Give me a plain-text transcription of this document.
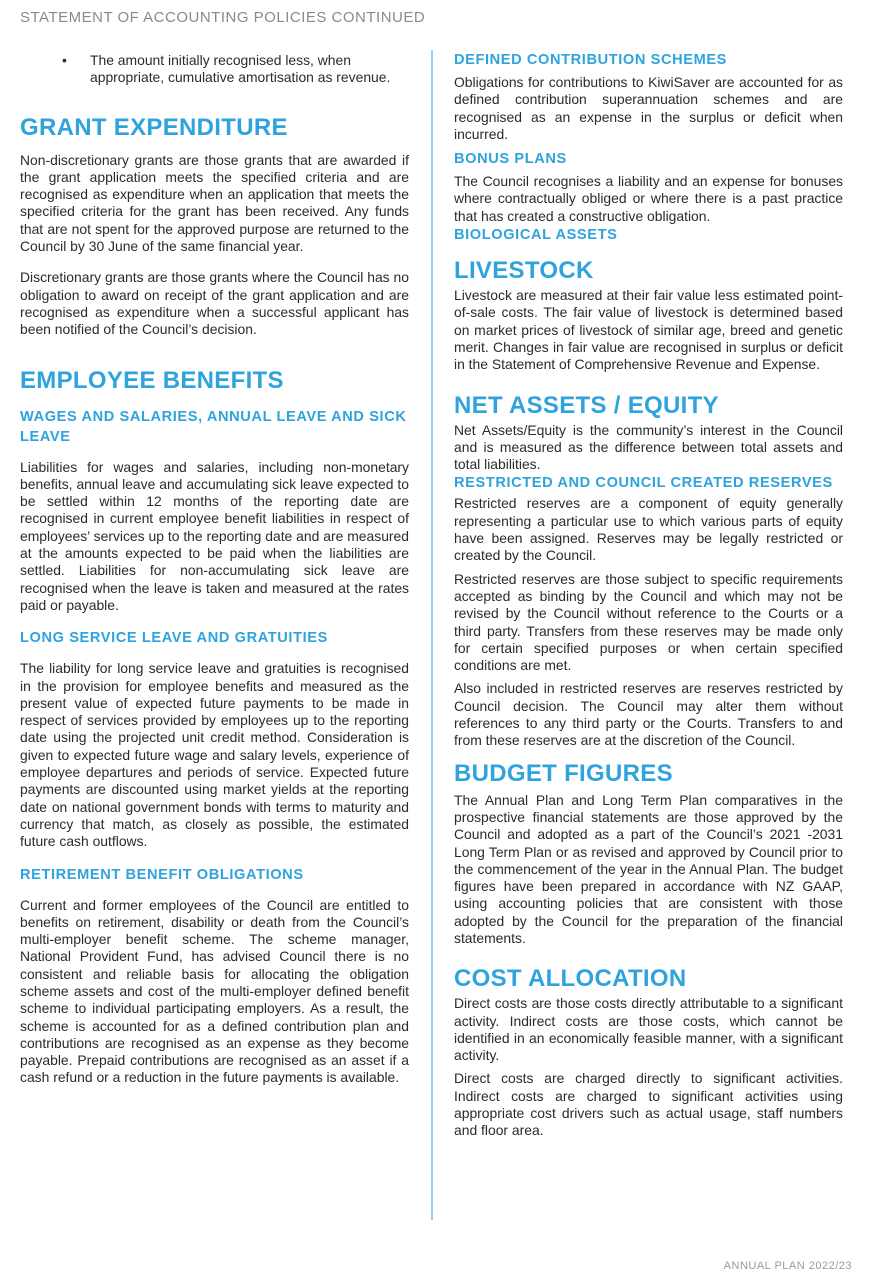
STATEMENT OF ACCOUNTING POLICIES CONTINUED

• The amount initially recognised less, when appropriate, cumulative amortisation as revenue.

GRANT EXPENDITURE

Non-discretionary grants are those grants that are awarded if the grant application meets the specified criteria and are recognised as expenditure when an application that meets the specified criteria for the grant has been received. Any funds that are not spent for the approved purpose are returned to the Council by 30 June of the same financial year.

Discretionary grants are those grants where the Council has no obligation to award on receipt of the grant application and are recognised as expenditure when a successful applicant has been notified of the Council’s decision.

EMPLOYEE BENEFITS
WAGES AND SALARIES, ANNUAL LEAVE AND SICK LEAVE

Liabilities for wages and salaries, including non-monetary benefits, annual leave and accumulating sick leave expected to be settled within 12 months of the reporting date are recognised in current employee benefit liabilities in respect of employees’ services up to the reporting date and are measured at the amounts expected to be paid when the liabilities are settled. Liabilities for non-accumulating sick leave are recognised when the leave is taken and measured at the rates paid or payable.

LONG SERVICE LEAVE AND GRATUITIES

The liability for long service leave and gratuities is recognised in the provision for employee benefits and measured as the present value of expected future payments to be made in respect of services provided by employees up to the reporting date using the projected unit credit method. Consideration is given to expected future wage and salary levels, experience of employee departures and periods of service. Expected future payments are discounted using market yields at the reporting date on national government bonds with terms to maturity and currency that match, as closely as possible, the estimated future cash outflows.

RETIREMENT BENEFIT OBLIGATIONS

Current and former employees of the Council are entitled to benefits on retirement, disability or death from the Council’s multi-employer benefit scheme. The scheme manager, National Provident Fund, has advised Council there is no consistent and reliable basis for allocating the obligation scheme assets and cost of the multi-employer defined benefit scheme to individual participating employers. As a result, the scheme is accounted for as a defined contribution plan and contributions are recognised as an expense as they become payable. Prepaid contributions are recognised as an asset if a cash refund or a reduction in the future payments is available.

DEFINED CONTRIBUTION SCHEMES

Obligations for contributions to KiwiSaver are accounted for as defined contribution superannuation schemes and are recognised as an expense in the surplus or deficit when incurred.

BONUS PLANS

The Council recognises a liability and an expense for bonuses where contractually obliged or where there is a past practice that has created a constructive obligation.

BIOLOGICAL ASSETS
LIVESTOCK

Livestock are measured at their fair value less estimated point-of-sale costs. The fair value of livestock is determined based on market prices of livestock of similar age, breed and genetic merit. Changes in fair value are recognised in surplus or deficit in the Statement of Comprehensive Revenue and Expense.

NET ASSETS / EQUITY

Net Assets/Equity is the community’s interest in the Council and is measured as the difference between total assets and total liabilities.

RESTRICTED AND COUNCIL CREATED RESERVES

Restricted reserves are a component of equity generally representing a particular use to which various parts of equity have been assigned. Reserves may be legally restricted or created by the Council.

Restricted reserves are those subject to specific requirements accepted as binding by the Council and which may not be revised by the Council without reference to the Courts or a third party. Transfers from these reserves may be made only for certain specified purposes or when certain specified conditions are met.

Also included in restricted reserves are reserves restricted by Council decision. The Council may alter them without references to any third party or the Courts. Transfers to and from these reserves are at the discretion of the Council.

BUDGET FIGURES

The Annual Plan and Long Term Plan comparatives in the prospective financial statements are those approved by the Council and adopted as a part of the Council’s 2021 -2031 Long Term Plan or as revised and approved by Council prior to the commencement of the year in the Annual Plan. The budget figures have been prepared in accordance with NZ GAAP, using accounting policies that are consistent with those adopted by the Council for the preparation of the financial statements.

COST ALLOCATION

Direct costs are those costs directly attributable to a significant activity. Indirect costs are those costs, which cannot be identified in an economically feasible manner, with a significant activity.

Direct costs are charged directly to significant activities. Indirect costs are charged to significant activities using appropriate cost drivers such as actual usage, staff numbers and floor area.

ANNUAL PLAN 2022/23
